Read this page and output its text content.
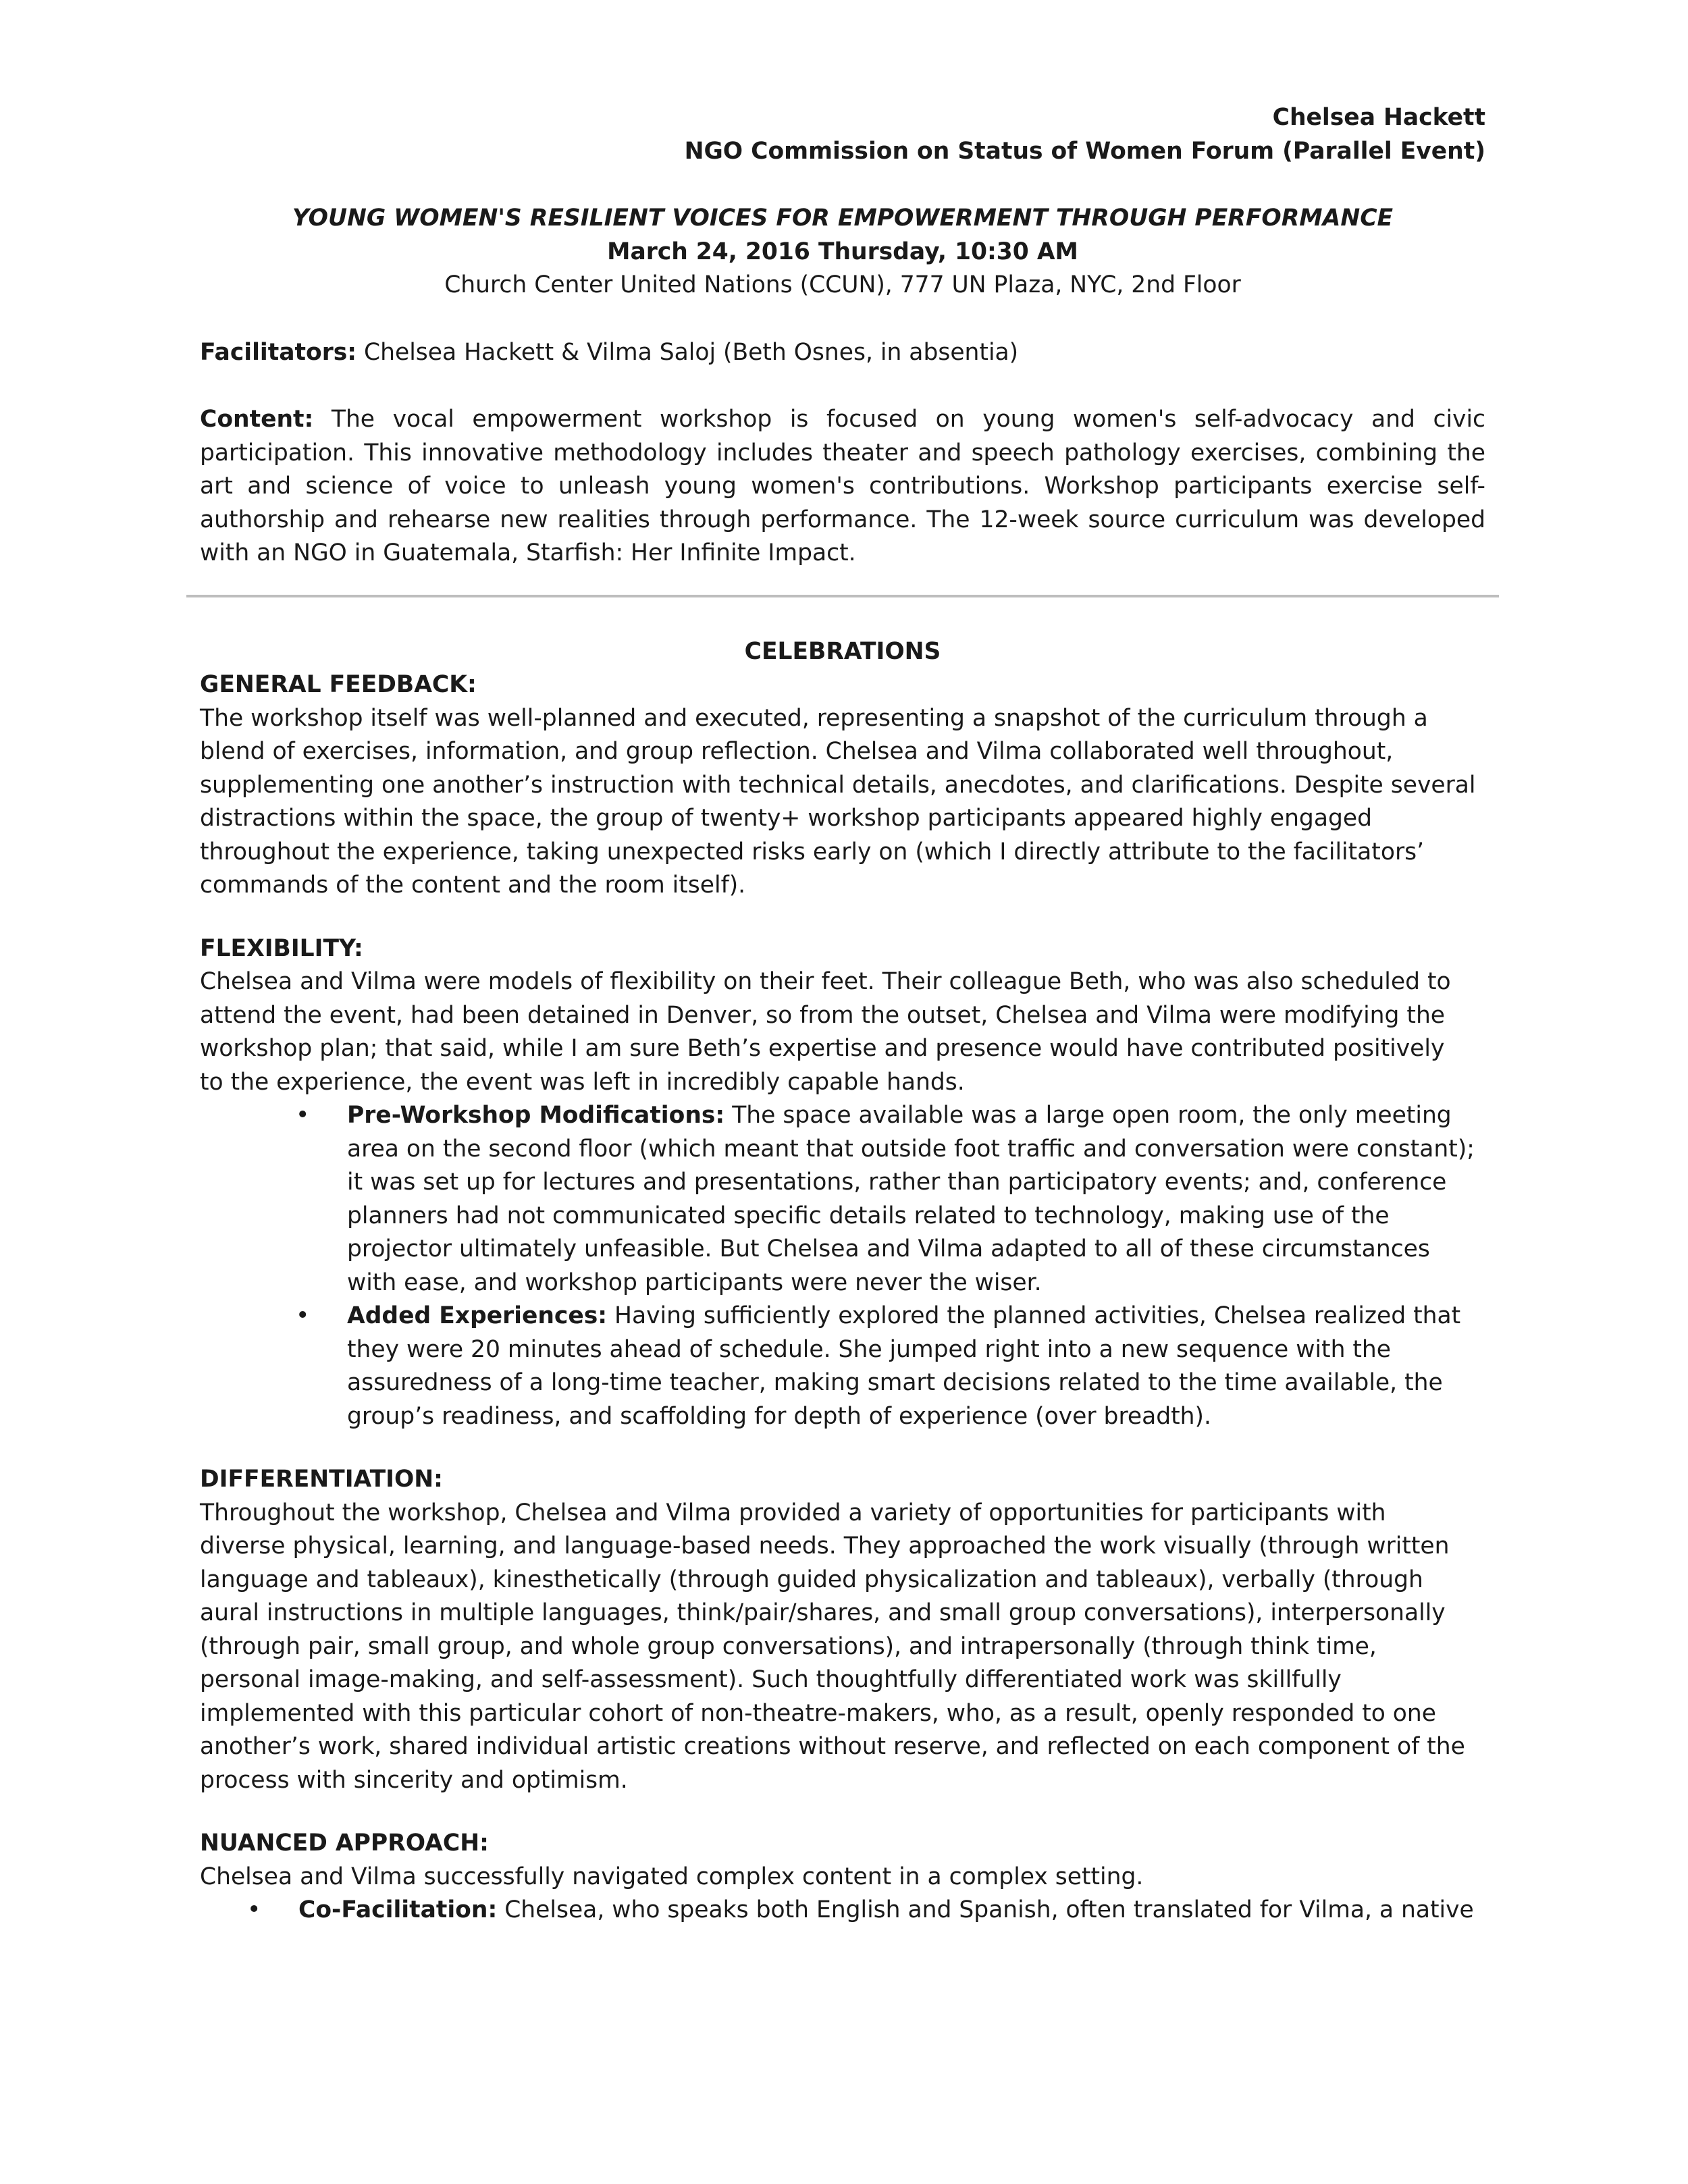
Chelsea Hackett
NGO Commission on Status of Women Forum (Parallel Event)
YOUNG WOMEN'S RESILIENT VOICES FOR EMPOWERMENT THROUGH PERFORMANCE
March 24, 2016 Thursday, 10:30 AM
Church Center United Nations (CCUN), 777 UN Plaza, NYC, 2nd Floor

Facilitators: Chelsea Hackett & Vilma Saloj (Beth Osnes, in absentia)

Content: The vocal empowerment workshop is focused on young women's self-advocacy and civic participation. This innovative methodology includes theater and speech pathology exercises, combining the art and science of voice to unleash young women's contributions. Workshop participants exercise self-authorship and rehearse new realities through performance. The 12-week source curriculum was developed with an NGO in Guatemala, Starfish: Her Infinite Impact.

CELEBRATIONS
GENERAL FEEDBACK:
The workshop itself was well-planned and executed, representing a snapshot of the curriculum through a
blend of exercises, information, and group reflection. Chelsea and Vilma collaborated well throughout,
supplementing one another’s instruction with technical details, anecdotes, and clarifications. Despite several
distractions within the space, the group of twenty+ workshop participants appeared highly engaged
throughout the experience, taking unexpected risks early on (which I directly attribute to the facilitators’
commands of the content and the room itself).
FLEXIBILITY:
Chelsea and Vilma were models of flexibility on their feet. Their colleague Beth, who was also scheduled to
attend the event, had been detained in Denver, so from the outset, Chelsea and Vilma were modifying the
workshop plan; that said, while I am sure Beth’s expertise and presence would have contributed positively
to the experience, the event was left in incredibly capable hands.
• Pre-Workshop Modifications: The space available was a large open room, the only meeting
area on the second floor (which meant that outside foot traffic and conversation were constant);
it was set up for lectures and presentations, rather than participatory events; and, conference
planners had not communicated specific details related to technology, making use of the
projector ultimately unfeasible. But Chelsea and Vilma adapted to all of these circumstances
with ease, and workshop participants were never the wiser.
• Added Experiences: Having sufficiently explored the planned activities, Chelsea realized that
they were 20 minutes ahead of schedule. She jumped right into a new sequence with the
assuredness of a long-time teacher, making smart decisions related to the time available, the
group’s readiness, and scaffolding for depth of experience (over breadth).
DIFFERENTIATION:
Throughout the workshop, Chelsea and Vilma provided a variety of opportunities for participants with
diverse physical, learning, and language-based needs. They approached the work visually (through written
language and tableaux), kinesthetically (through guided physicalization and tableaux), verbally (through
aural instructions in multiple languages, think/pair/shares, and small group conversations), interpersonally
(through pair, small group, and whole group conversations), and intrapersonally (through think time,
personal image-making, and self-assessment). Such thoughtfully differentiated work was skillfully
implemented with this particular cohort of non-theatre-makers, who, as a result, openly responded to one
another’s work, shared individual artistic creations without reserve, and reflected on each component of the
process with sincerity and optimism.
NUANCED APPROACH:
Chelsea and Vilma successfully navigated complex content in a complex setting.
• Co-Facilitation: Chelsea, who speaks both English and Spanish, often translated for Vilma, a native
